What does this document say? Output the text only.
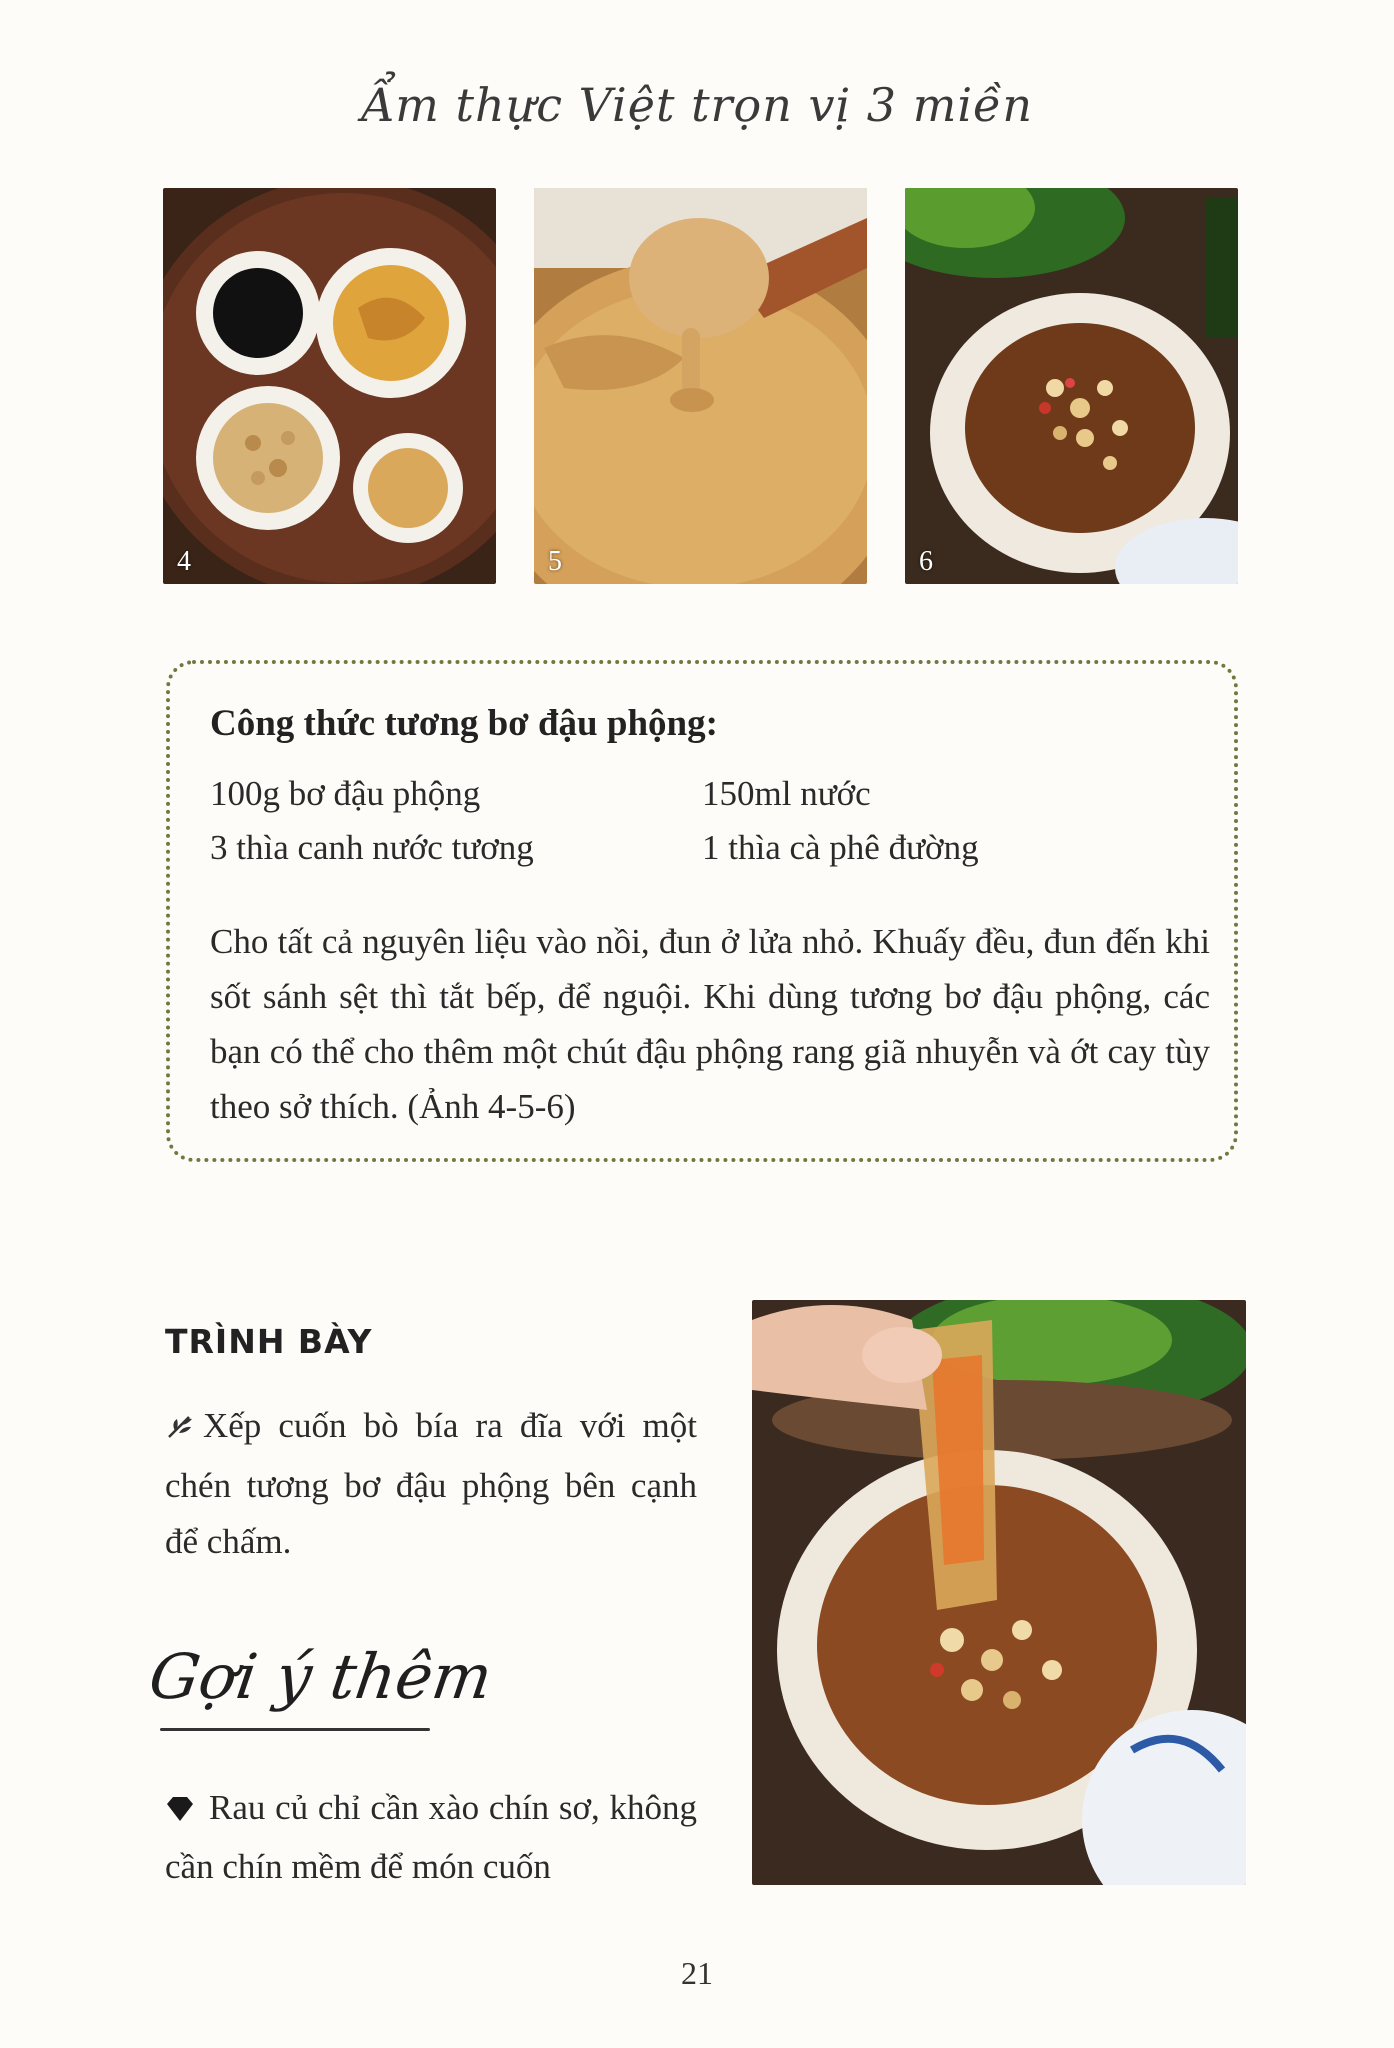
Ẩm thực Việt trọn vị 3 miền
4	5	6
Công thức tương bơ đậu phộng:
100g bơ đậu phộng	150ml nước
3 thìa canh nước tương	1 thìa cà phê đường
Cho tất cả nguyên liệu vào nồi, đun ở lửa nhỏ. Khuấy đều, đun đến khi sốt sánh sệt thì tắt bếp, để nguội. Khi dùng tương bơ đậu phộng, các bạn có thể cho thêm một chút đậu phộng rang giã nhuyễn và ớt cay tùy theo sở thích. (Ảnh 4-5-6)
TRÌNH BÀY
Xếp cuốn bò bía ra đĩa với một chén tương bơ đậu phộng bên cạnh để chấm.
Gợi ý thêm
Rau củ chỉ cần xào chín sơ, không cần chín mềm để món cuốn
21
